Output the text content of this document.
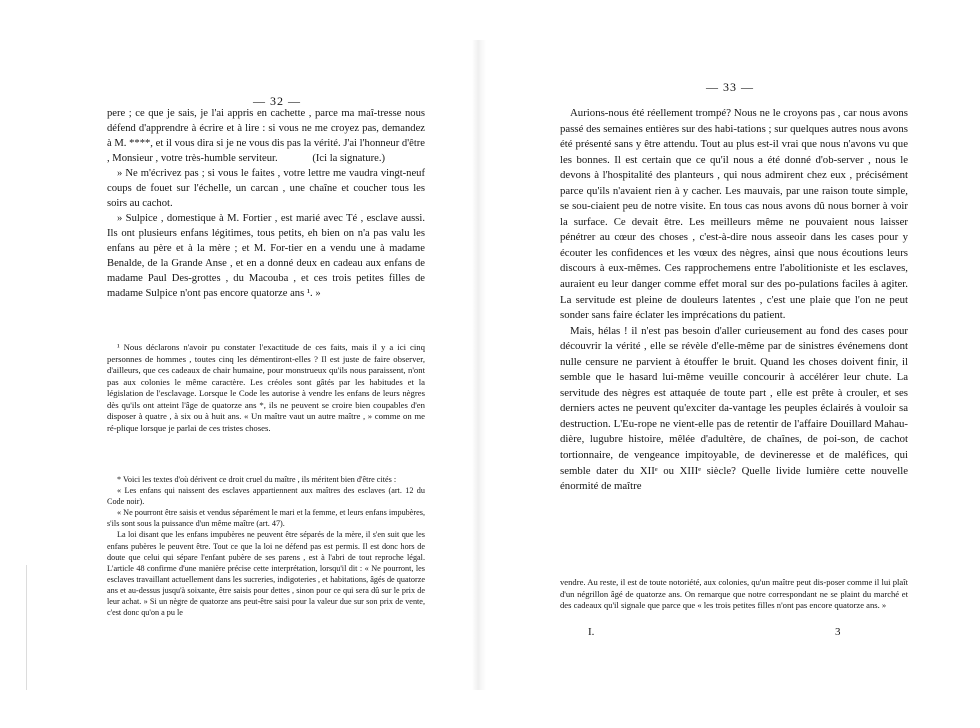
— 32 —

pere ; ce que je sais, je l'ai appris en cachette , parce ma maî-tresse nous défend d'apprendre à écrire et à lire : si vous ne me croyez pas, demandez à M. ****, et il vous dira si je ne vous dis pas la vérité. J'ai l'honneur d'être , Monsieur , votre très-humble serviteur.	(Ici la signature.)

» Ne m'écrivez pas ; si vous le faites , votre lettre me vaudra vingt-neuf coups de fouet sur l'échelle, un carcan , une chaîne et coucher tous les soirs au cachot.

» Sulpice , domestique à M. Fortier , est marié avec Té , esclave aussi. Ils ont plusieurs enfans légitimes, tous petits, eh bien on n'a pas valu les enfans au père et à la mère ; et M. For-tier en a vendu une à madame Benalde, de la Grande Anse , et en a donné deux en cadeau aux enfans de madame Paul Des-grottes , du Macouba , et ces trois petites filles de madame Sulpice n'ont pas encore quatorze ans ¹. »

¹ Nous déclarons n'avoir pu constater l'exactitude de ces faits, mais il y a ici cinq personnes de hommes , toutes cinq les démentiront-elles ? Il est juste de faire observer, d'ailleurs, que ces cadeaux de chair humaine, pour monstrueux qu'ils nous paraissent, n'ont pas aux colonies le même caractère. Les créoles sont gâtés par les habitudes et la législation de l'esclavage. Lorsque le Code les autorise à vendre les enfans de leurs nègres dès qu'ils ont atteint l'âge de quatorze ans *, ils ne peuvent se croire bien coupables d'en disposer à quatre , à six ou à huit ans. « Un maître vaut un autre maître , » comme on me ré-plique lorsque je parlai de ces tristes choses.

* Voici les textes d'où dérivent ce droit cruel du maître , ils méritent bien d'être cités :

« Les enfans qui naissent des esclaves appartiennent aux maîtres des esclaves (art. 12 du Code noir).

« Ne pourront être saisis et vendus séparément le mari et la femme, et leurs enfans impubères, s'ils sont sous la puissance d'un même maître (art. 47).

La loi disant que les enfans impubères ne peuvent être séparés de la mère, il s'en suit que les enfans pubères le peuvent être. Tout ce que la loi ne défend pas est permis. Il est donc hors de doute que celui qui sépare l'enfant pubère de ses parens , est à l'abri de tout reproche légal. L'article 48 confirme d'une manière précise cette interprétation, lorsqu'il dit : « Ne pourront, les esclaves travaillant actuellement dans les sucreries, indigoteries , et habitations, âgés de quatorze ans et au-dessus jusqu'à soixante, être saisis pour dettes , sinon pour ce qui sera dû sur le prix de leur achat. » Si un nègre de quatorze ans peut-être saisi pour la valeur due sur son prix de vente, c'est donc qu'on a pu le

— 33 —

Aurions-nous été réellement trompé? Nous ne le croyons pas , car nous avons passé des semaines entières sur des habi-tations ; sur quelques autres nous avons été présenté sans y être attendu. Tout au plus est-il vrai que nous n'avons vu que les bonnes. Il est certain que ce qu'il nous a été donné d'ob-server , nous le devons à l'hospitalité des planteurs , qui nous admirent chez eux , précisément parce qu'ils n'avaient rien à y cacher. Les mauvais, par une raison toute simple, se sou-ciaient peu de notre visite. En tous cas nous avons dû nous borner à voir la surface. Ce devait être. Les meilleurs même ne pouvaient nous laisser pénétrer au cœur des choses , c'est-à-dire nous asseoir dans les cases pour y écouter les confidences et les vœux des nègres, ainsi que nous écoutions leurs discours à eux-mêmes. Ces rapprochemens entre l'abolitioniste et les esclaves, auraient eu leur danger comme effet moral sur des po-pulations faciles à agiter. La servitude est pleine de douleurs latentes , c'est une plaie que l'on ne peut sonder sans faire éclater les imprécations du patient.

Mais, hélas ! il n'est pas besoin d'aller curieusement au fond des cases pour découvrir la vérité , elle se révèle d'elle-même par de sinistres événemens dont nulle censure ne parvient à étouffer le bruit. Quand les choses doivent finir, il semble que le hasard lui-même veuille concourir à accélérer leur chute. La servitude des nègres est attaquée de toute part , elle est prête à crouler, et ses derniers actes ne peuvent qu'exciter da-vantage les peuples éclairés à vouloir sa destruction. L'Eu-rope ne vient-elle pas de retentir de l'affaire Douillard Mahau-dière, lugubre histoire, mêlée d'adultère, de chaînes, de poi-son, de cachot tortionnaire, de vengeance impitoyable, de devineresse et de maléfices, qui semble dater du XIIᵉ ou XIIIᵉ siècle? Quelle livide lumière cette nouvelle énormité de maître

vendre. Au reste, il est de toute notoriété, aux colonies, qu'un maître peut dis-poser comme il lui plaît d'un négrillon âgé de quatorze ans. On remarque que notre correspondant ne se plaint du marché et des cadeaux qu'il signale que parce que « les trois petites filles n'ont pas encore quatorze ans. »

I.	3
